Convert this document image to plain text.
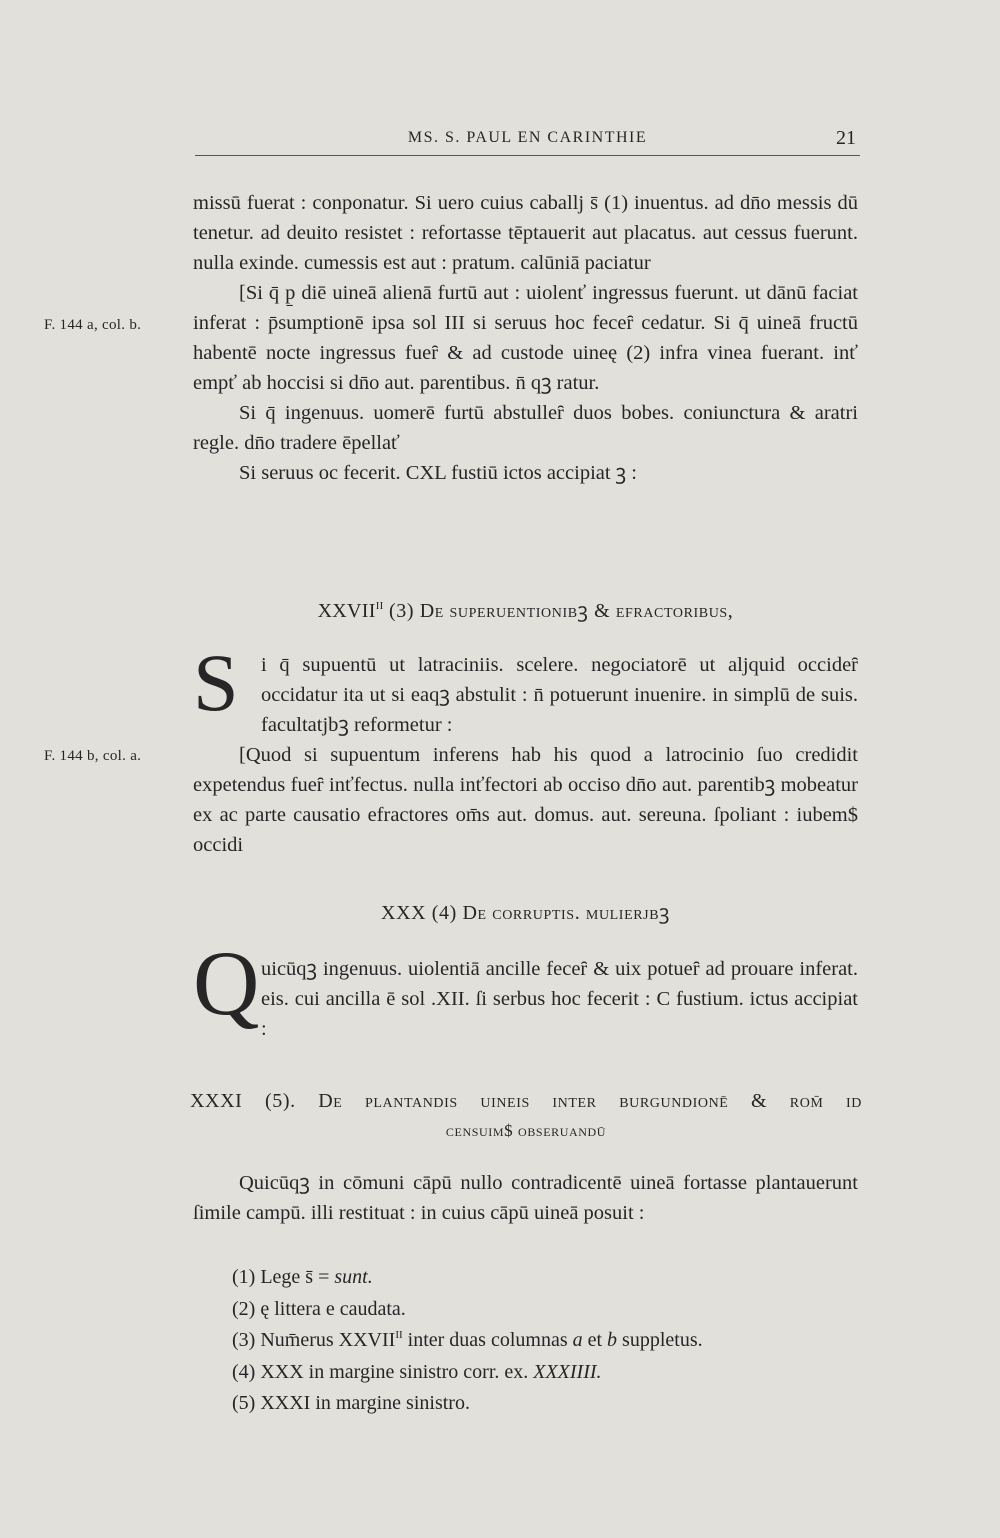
MS. S. PAUL EN CARINTHIE	21
F. 144 a, col. b.
F. 144 b, col. a.

missū fuerat : conponatur. Si uero cuius caballj s̄ (1) inuentus. ad dn̄o messis dū tenetur. ad deuito resistet : refortasse tēptauerit aut placatus. aut cessus fuerunt. nulla exinde. cumessis est aut : pratum. calūniā paciatur

[Si q̄ p̱ diē uineā alienā furtū aut : uiolenť ingressus fuerunt. ut dānū faciat inferat : p̄sumptionē ipsa sol III si seruus hoc feceȓ cedatur. Si q̄ uineā fructū habentē nocte ingressus fueȓ & ad custode uineę (2) infra vinea fuerant. inť empť ab hoccisi si dn̄o aut. parentibus. n̄ qꝫ ratur.

Si q̄ ingenuus. uomerē furtū abstulleȓ duos bobes. coniunctura & aratri regle. dn̄o tradere ēpellať

Si seruus oc fecerit. CXL fustiū ictos accipiat ꝫ :

$XXVII^{II}$ (3) De superuentionibꝫ & efractoribus,

S i q̄ supuentū ut latraciniis. scelere. negociatorē ut aljquid occideȓ occidatur ita ut si eaqꝫ abstulit : n̄ potuerunt inuenire. in simplū de suis. facultatjbꝫ reformetur :

[Quod si supuentum inferens hab his quod a latrocinio ſuo credidit expetendus fueȓ inťfectus. nulla inťfectori ab occiso dn̄o aut. parentibꝫ mobeatur ex ac parte causatio efractores om̄s aut. domus. aut. sereuna. ſpoliant : iubem$ occidi

XXX (4) De corruptis. mulierjbꝫ

Q uicūqꝫ ingenuus. uiolentiā ancille feceȓ & uix potueȓ ad prouare inferat. eis. cui ancilla ē sol .XII. ſi serbus hoc fecerit : C fustium. ictus accipiat :

XXXI (5). De plantandis uineis inter burgundionē & rom̄ id
censuim$ obseruandū

Quicūqꝫ in cōmuni cāpū nullo contradicentē uineā fortasse plantauerunt ſimile campū. illi restituat : in cuius cāpū uineā posuit :

(1) Lege s̄ = sunt.
(2) ę littera e caudata.
(3) Num̄erus $XXVII^{II}$ inter duas columnas a et b suppletus.
(4) XXX in margine sinistro corr. ex. XXXIIII.
(5) XXXI in margine sinistro.
